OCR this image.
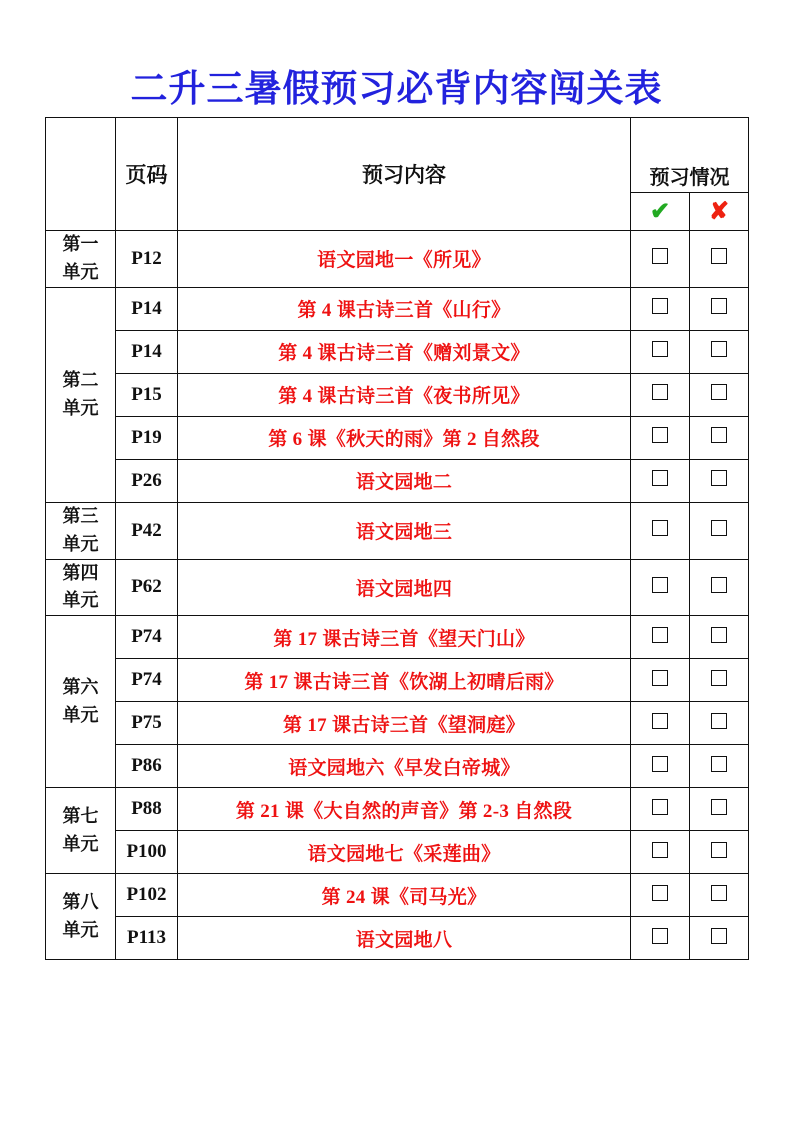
二升三暑假预习必背内容闯关表
	页码	预习内容	预习情况
✔ ✘	

第一
单元	P12	语文园地一《所见》		
第二
单元	P14	第 4 课古诗三首《山行》		
	P14	第 4 课古诗三首《赠刘景文》		
	P15	第 4 课古诗三首《夜书所见》		
	P19	第 6 课《秋天的雨》第 2 自然段		
	P26	语文园地二		
第三
单元	P42	语文园地三		
第四
单元	P62	语文园地四		
第六
单元	P74	第 17 课古诗三首《望天门山》		
	P74	第 17 课古诗三首《饮湖上初晴后雨》		
	P75	第 17 课古诗三首《望洞庭》		
	P86	语文园地六《早发白帝城》		
第七
单元	P88	第 21 课《大自然的声音》第 2-3 自然段		
	P100	语文园地七《采莲曲》		
第八
单元	P102	第 24 课《司马光》		
	P113	语文园地八		
